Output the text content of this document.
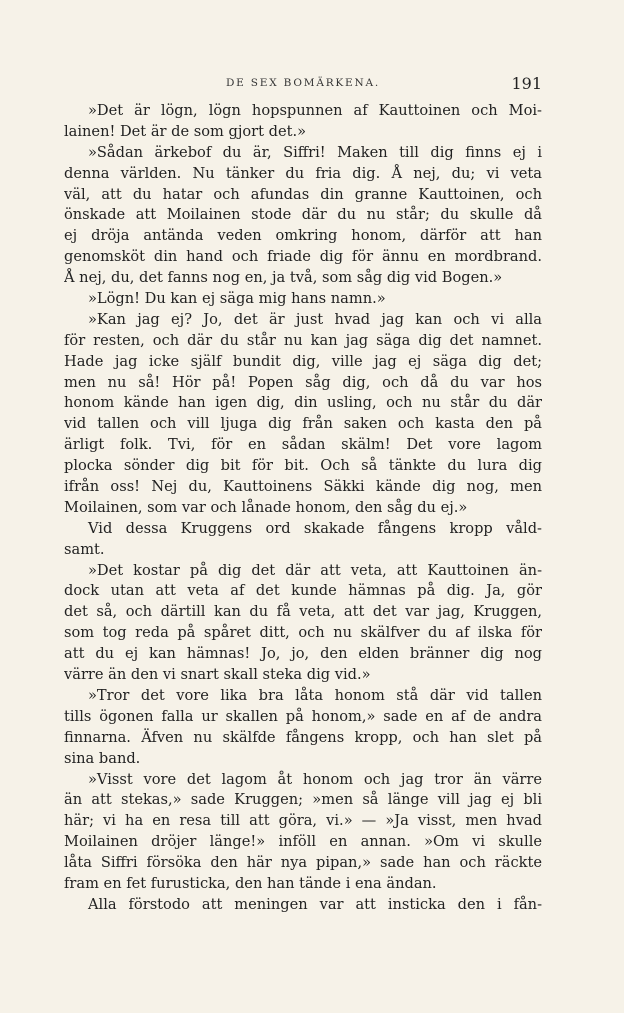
DE SEX BOMÄRKENA.	191
»Det är lögn, lögn hopspunnen af Kauttoinen och Moi-
lainen! Det är de som gjort det.»
»Sådan ärkebof du är, Siffri! Maken till dig finns ej i
denna världen. Nu tänker du fria dig. Å nej, du; vi veta
väl, att du hatar och afundas din granne Kauttoinen, och
önskade att Moilainen stode där du nu står; du skulle då
ej dröja antända veden omkring honom, därför att han
genomsköt din hand och friade dig för ännu en mordbrand.
Å nej, du, det fanns nog en, ja två, som såg dig vid Bogen.»
»Lögn! Du kan ej säga mig hans namn.»
»Kan jag ej? Jo, det är just hvad jag kan och vi alla
för resten, och där du står nu kan jag säga dig det namnet.
Hade jag icke själf bundit dig, ville jag ej säga dig det;
men nu så! Hör på! Popen såg dig, och då du var hos
honom kände han igen dig, din usling, och nu står du där
vid tallen och vill ljuga dig från saken och kasta den på
ärligt folk. Tvi, för en sådan skälm! Det vore lagom
plocka sönder dig bit för bit. Och så tänkte du lura dig
ifrån oss! Nej du, Kauttoinens Säkki kände dig nog, men
Moilainen, som var och lånade honom, den såg du ej.»
Vid dessa Kruggens ord skakade fångens kropp våld-
samt.
»Det kostar på dig det där att veta, att Kauttoinen än-
dock utan att veta af det kunde hämnas på dig. Ja, gör
det så, och därtill kan du få veta, att det var jag, Kruggen,
som tog reda på spåret ditt, och nu skälfver du af ilska för
att du ej kan hämnas! Jo, jo, den elden bränner dig nog
värre än den vi snart skall steka dig vid.»
»Tror det vore lika bra låta honom stå där vid tallen
tills ögonen falla ur skallen på honom,» sade en af de andra
finnarna. Äfven nu skälfde fångens kropp, och han slet på
sina band.
»Visst vore det lagom åt honom och jag tror än värre
än att stekas,» sade Kruggen; »men så länge vill jag ej bli
här; vi ha en resa till att göra, vi.» — »Ja visst, men hvad
Moilainen dröjer länge!» inföll en annan. »Om vi skulle
låta Siffri försöka den här nya pipan,» sade han och räckte
fram en fet furusticka, den han tände i ena ändan.
Alla förstodo att meningen var att insticka den i fån-
